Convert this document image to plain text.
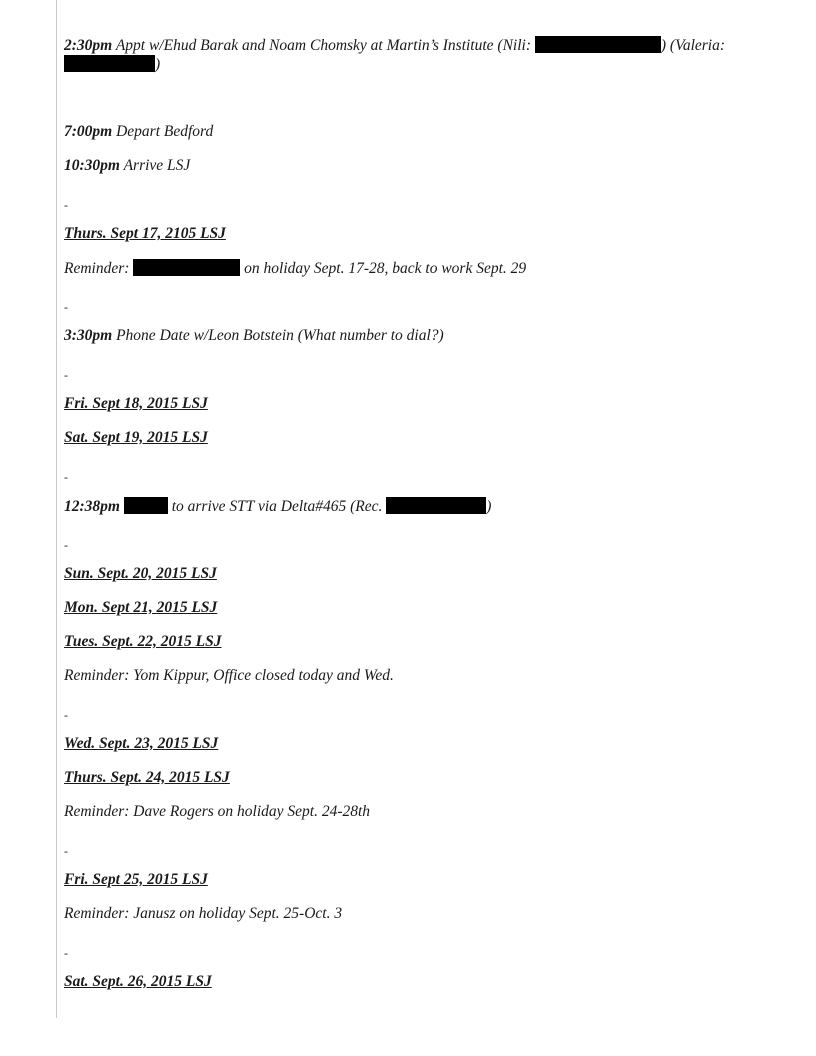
2:30pm Appt w/Ehud Barak and Noam Chomsky at Martin’s Institute (Nili:	) (Valeria:
)
7:00pm Depart Bedford
10:30pm Arrive LSJ
-
Thurs. Sept 17, 2105 LSJ
Reminder:	on holiday Sept. 17-28, back to work Sept. 29
-
3:30pm Phone Date w/Leon Botstein (What number to dial?)
-
Fri. Sept 18, 2015 LSJ
Sat. Sept 19, 2015 LSJ
-
12:38pm	to arrive STT via Delta#465 (Rec.	)
-
Sun. Sept. 20, 2015 LSJ
Mon. Sept 21, 2015 LSJ
Tues. Sept. 22, 2015 LSJ
Reminder: Yom Kippur, Office closed today and Wed.
-
Wed. Sept. 23, 2015 LSJ
Thurs. Sept. 24, 2015 LSJ
Reminder: Dave Rogers on holiday Sept. 24-28th
-
Fri. Sept 25, 2015 LSJ
Reminder: Janusz on holiday Sept. 25-Oct. 3
-
Sat. Sept. 26, 2015 LSJ
